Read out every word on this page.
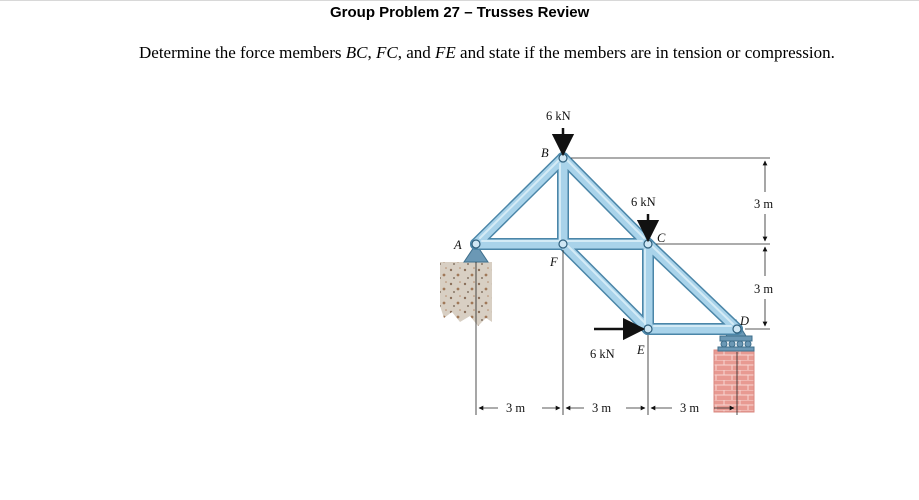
Group Problem 27 – Trusses Review
Determine the force members BC, FC, and FE and state if the members are in tension or compression.
6 kN
6 kN
6 kN
A
B
C
D
E
F
3 m	3 m	3 m
3 m
3 m
